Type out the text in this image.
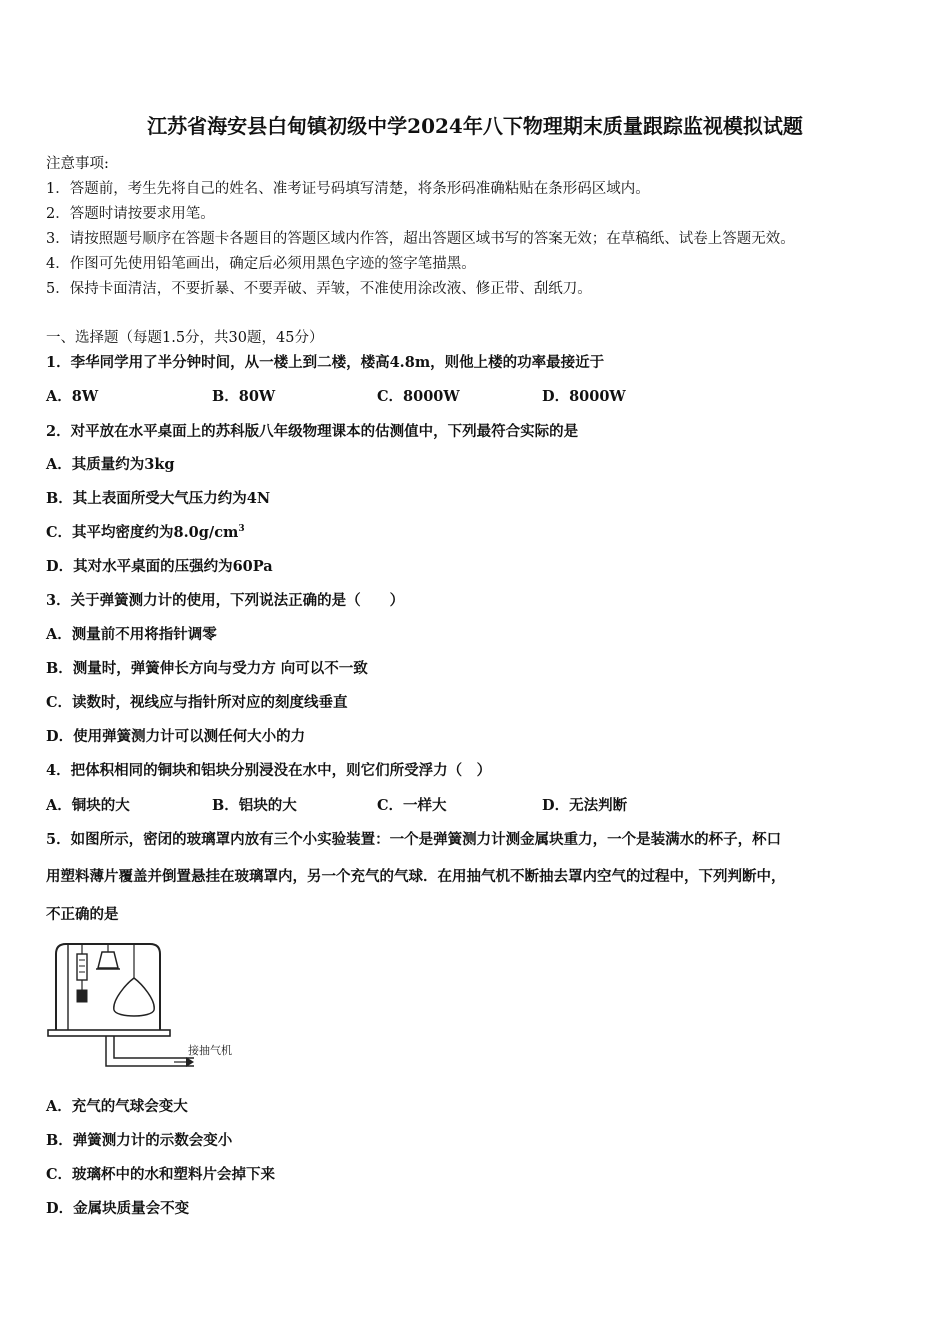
江苏省海安县白甸镇初级中学2024年八下物理期末质量跟踪监视模拟试题
注意事项:
1．答题前，考生先将自己的姓名、准考证号码填写清楚，将条形码准确粘贴在条形码区域内。
2．答题时请按要求用笔。
3．请按照题号顺序在答题卡各题目的答题区域内作答，超出答题区域书写的答案无效；在草稿纸、试卷上答题无效。
4．作图可先使用铅笔画出，确定后必须用黑色字迹的签字笔描黑。
5．保持卡面清洁，不要折暴、不要弄破、弄皱，不准使用涂改液、修正带、刮纸刀。
一、选择题（每题1.5分，共30题，45分）
1．李华同学用了半分钟时间，从一楼上到二楼，楼高4.8m，则他上楼的功率最接近于
A．8W	B．80W	C．8000W	D．8000W
2．对平放在水平桌面上的苏科版八年级物理课本的估测值中，下列最符合实际的是
A．其质量约为3kg
B．其上表面所受大气压力约为4N
C．其平均密度约为$8.0g/cm^3$
D．其对水平桌面的压强约为60Pa
3．关于弹簧测力计的使用，下列说法正确的是（　　）
A．测量前不用将指针调零
B．测量时，弹簧伸长方向与受力方 向可以不一致
C．读数时，视线应与指针所对应的刻度线垂直
D．使用弹簧测力计可以测任何大小的力
4．把体积相同的铜块和铝块分别浸没在水中，则它们所受浮力（　）
A．铜块的大	B．铝块的大	C．一样大	D．无法判断
5．如图所示，密闭的玻璃罩内放有三个小实验装置：一个是弹簧测力计测金属块重力，一个是装满水的杯子，杯口
用塑料薄片覆盖并倒置悬挂在玻璃罩内，另一个充气的气球．在用抽气机不断抽去罩内空气的过程中，下列判断中，
不正确的是
接抽气机
A．充气的气球会变大
B．弹簧测力计的示数会变小
C．玻璃杯中的水和塑料片会掉下来
D．金属块质量会不变
